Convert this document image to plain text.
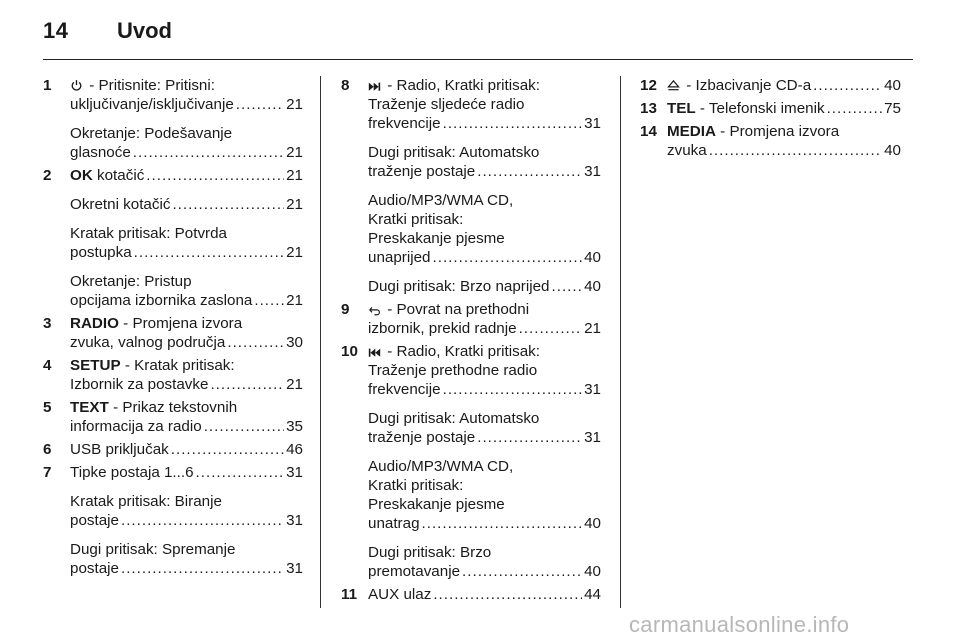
14 Uvod
1	- Pritisnite: Pritisni:
uključivanje/isključivanje .....	21
Okretanje: Podešavanje
glasnoće .....	21
2 OK kotačić .....	21
Okretni kotačić .....	21
Kratak pritisak: Potvrda
postupka .....	21
Okretanje: Pristup
opcijama izbornika zaslona ..... 21
3 RADIO - Promjena izvora
zvuka, valnog područja .....	30
4 SETUP - Kratak pritisak:
Izbornik za postavke .....	21
5 TEXT - Prikaz tekstovnih
informacija za radio .....	35
6 USB priključak .....	46
7 Tipke postaja 1...6 .....	31
Kratak pritisak: Biranje
postaje .....	31
Dugi pritisak: Spremanje
postaje .....	31
8	- Radio, Kratki pritisak:
Traženje sljedeće radio
frekvencije .....	31
Dugi pritisak: Automatsko
traženje postaje .....	31
Audio/MP3/WMA CD,
Kratki pritisak:
Preskakanje pjesme
unaprijed .....	40
Dugi pritisak: Brzo naprijed ..... 40
9	- Povrat na prethodni
izbornik, prekid radnje .....	21
10	- Radio, Kratki pritisak:
Traženje prethodne radio
frekvencije .....	31
Dugi pritisak: Automatsko
traženje postaje .....	31
Audio/MP3/WMA CD,
Kratki pritisak:
Preskakanje pjesme
unatrag .....	40
Dugi pritisak: Brzo
premotavanje .....	40
11 AUX ulaz .....	44
12	- Izbacivanje CD-a .....	40
13 TEL - Telefonski imenik .....	75
14 MEDIA - Promjena izvora
zvuka .....	40
carmanualsonline.info
